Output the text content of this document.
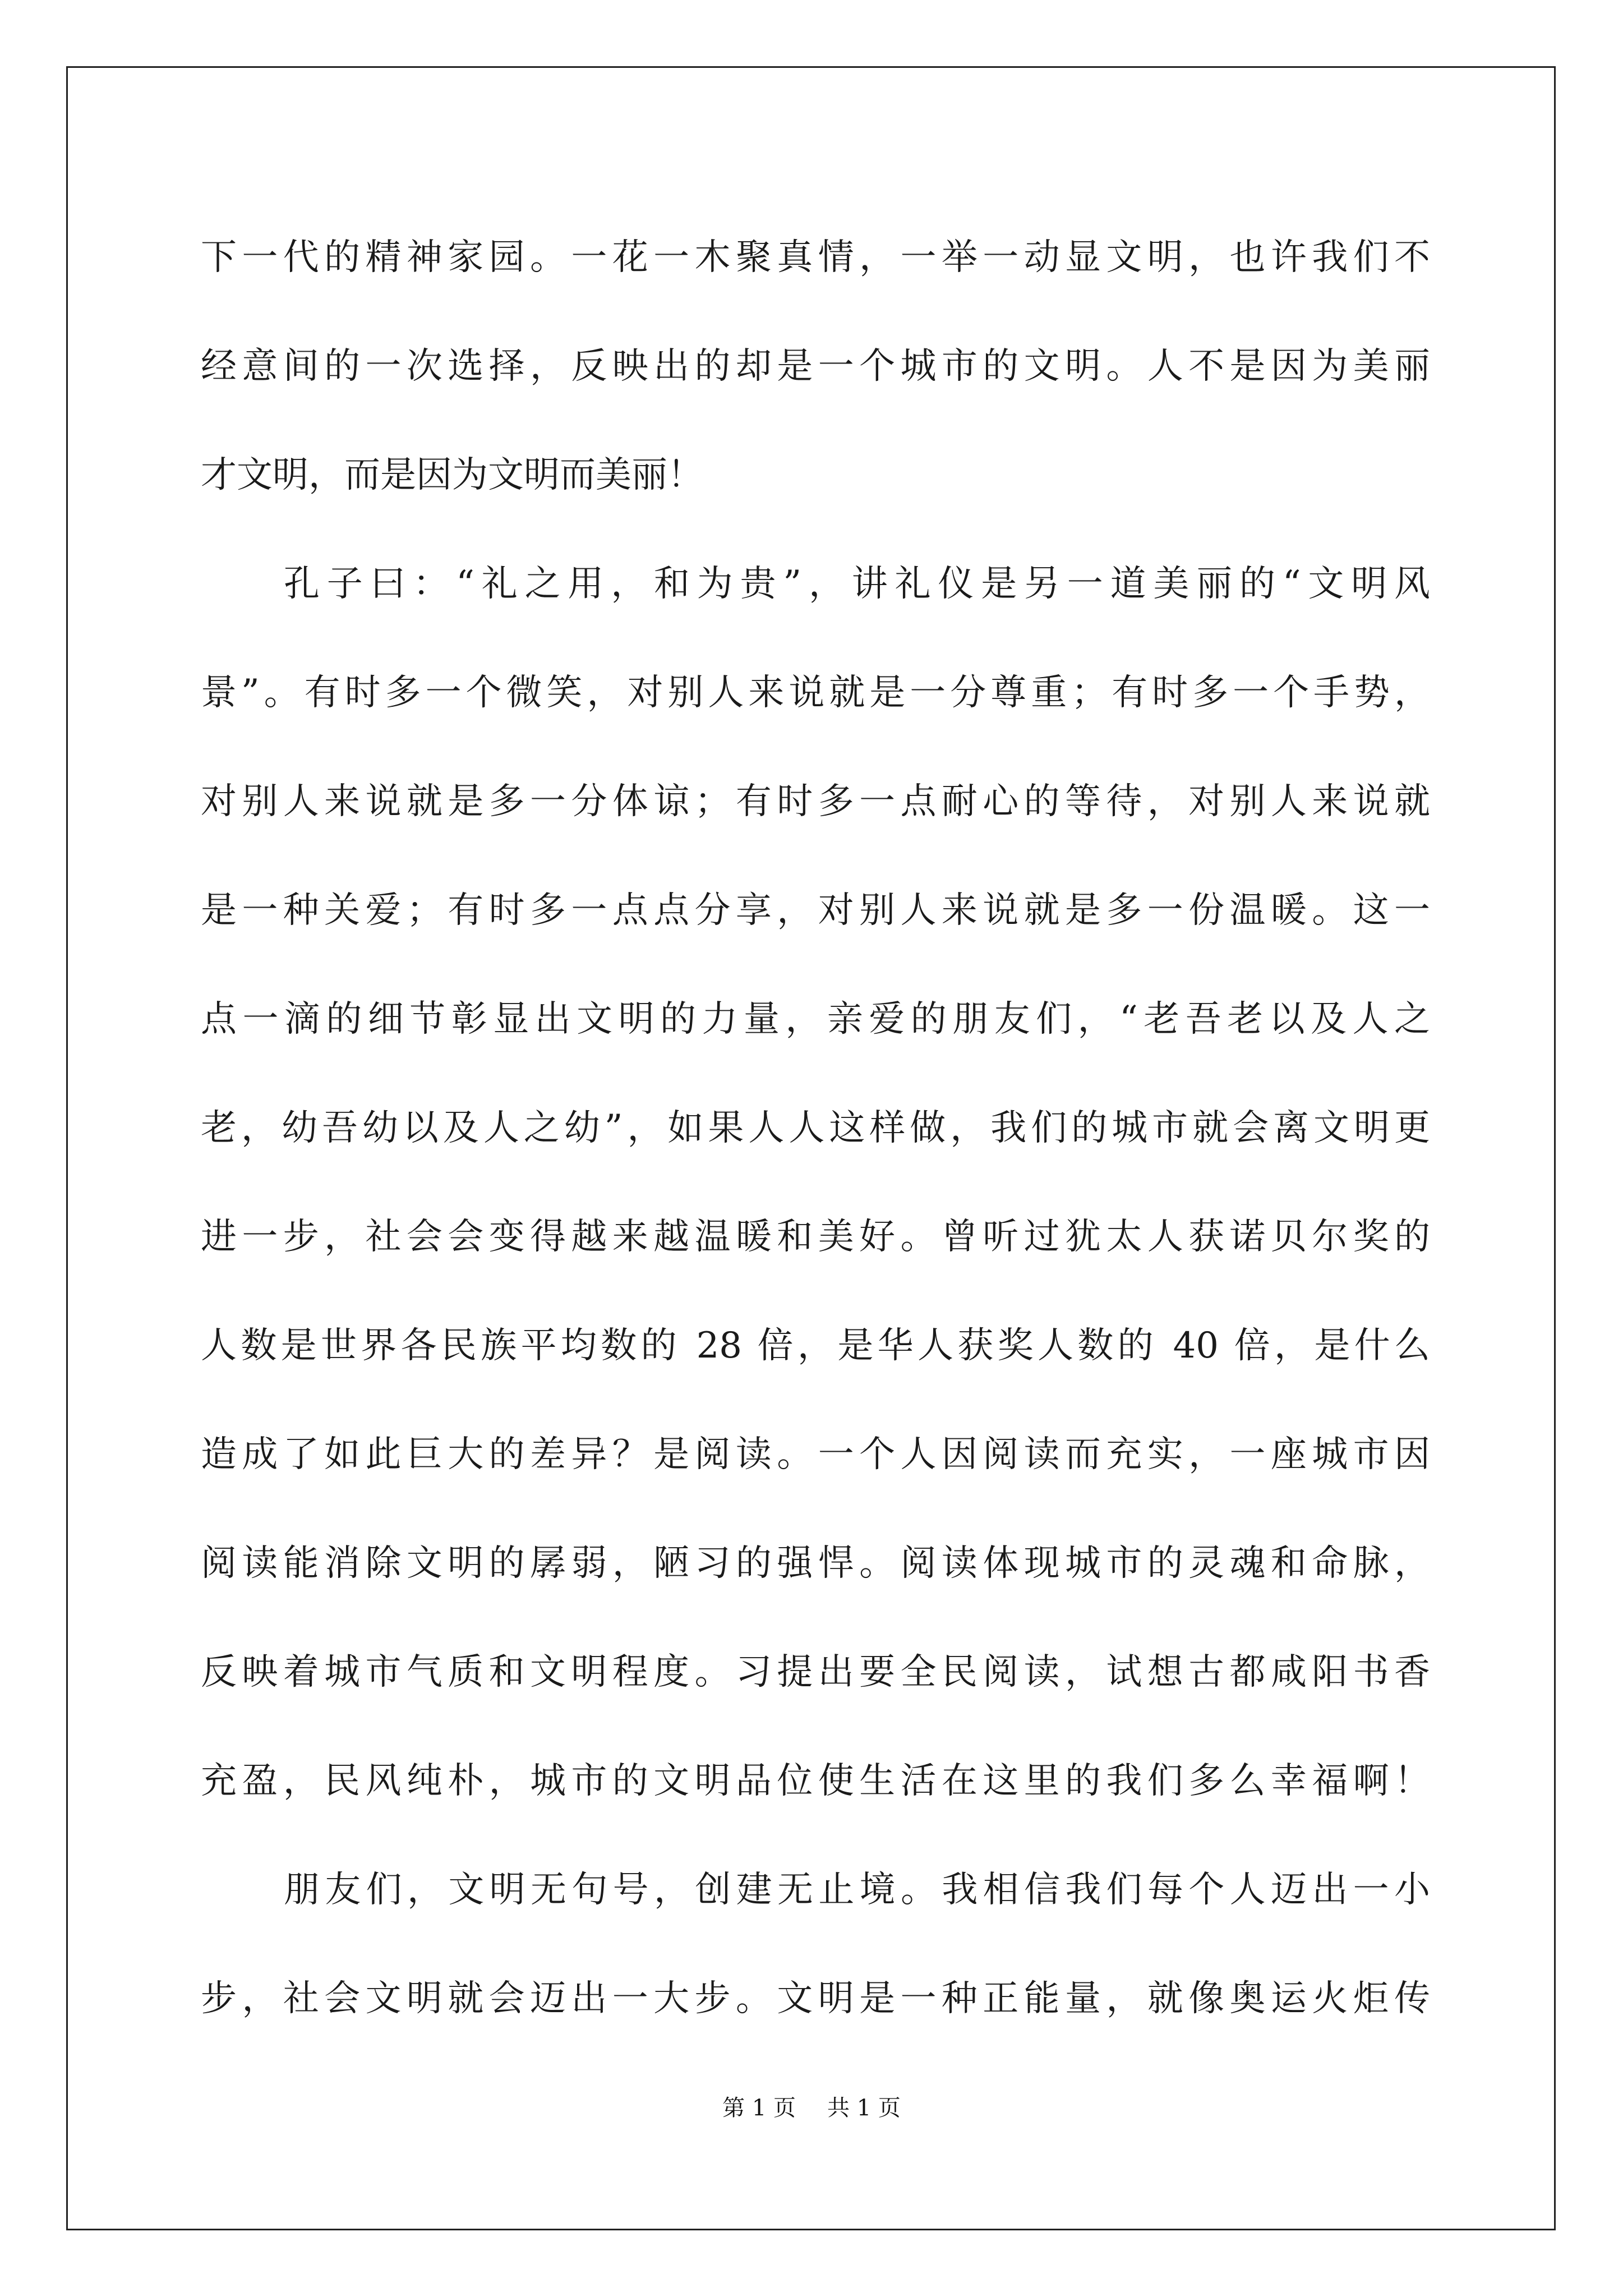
下一代的精神家园。一花一木聚真情，一举一动显文明，也许我们不
经意间的一次选择，反映出的却是一个城市的文明。人不是因为美丽
才文明，而是因为文明而美丽！
孔子曰：“礼之用，和为贵”，讲礼仪是另一道美丽的“文明风
景”。有时多一个微笑，对别人来说就是一分尊重；有时多一个手势，
对别人来说就是多一分体谅；有时多一点耐心的等待，对别人来说就
是一种关爱；有时多一点点分享，对别人来说就是多一份温暖。这一
点一滴的细节彰显出文明的力量，亲爱的朋友们，“老吾老以及人之
老，幼吾幼以及人之幼”，如果人人这样做，我们的城市就会离文明更
进一步，社会会变得越来越温暖和美好。曾听过犹太人获诺贝尔奖的
人数是世界各民族平均数的 28 倍，是华人获奖人数的 40 倍，是什么
造成了如此巨大的差异？是阅读。一个人因阅读而充实，一座城市因
阅读能消除文明的孱弱，陋习的强悍。阅读体现城市的灵魂和命脉，
反映着城市气质和文明程度。习提出要全民阅读，试想古都咸阳书香
充盈，民风纯朴，城市的文明品位使生活在这里的我们多么幸福啊！
朋友们，文明无句号，创建无止境。我相信我们每个人迈出一小
步，社会文明就会迈出一大步。文明是一种正能量，就像奥运火炬传
第 1 页 共 1 页
